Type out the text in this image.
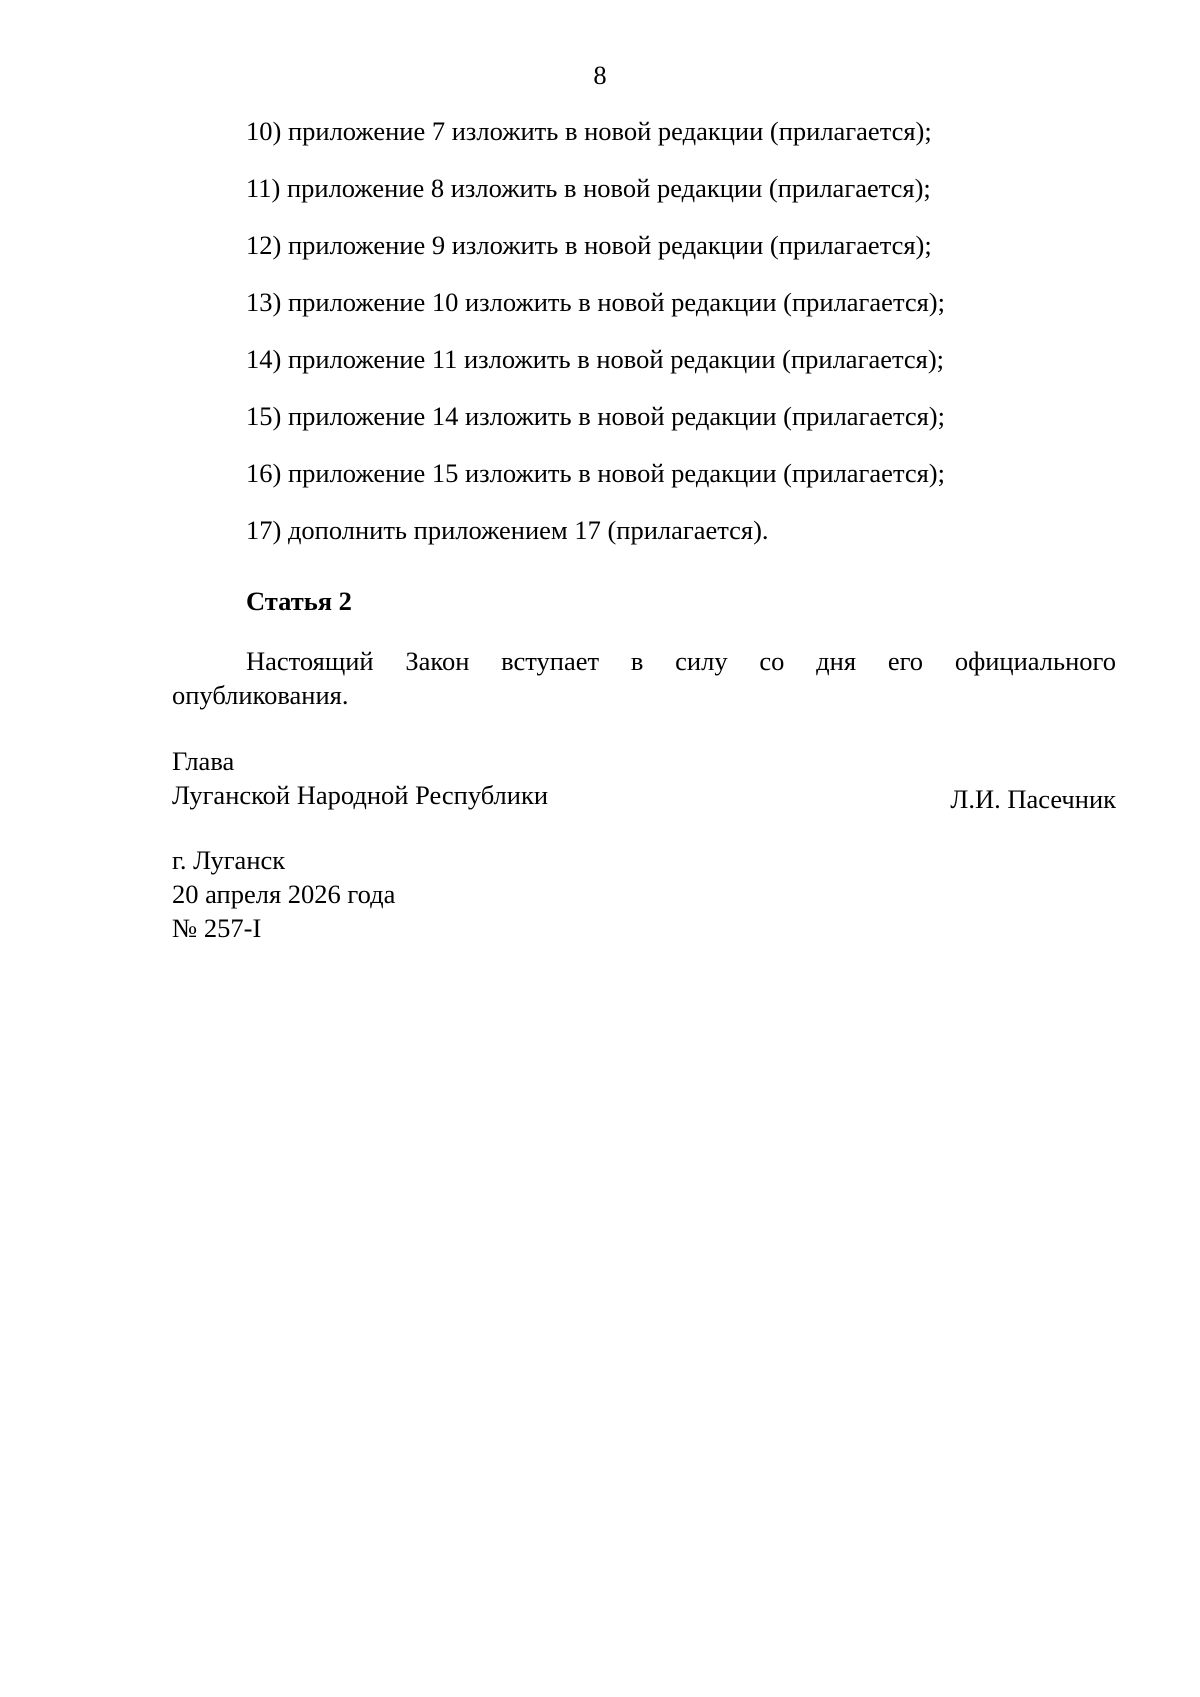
8
10) приложение 7 изложить в новой редакции (прилагается);
11) приложение 8 изложить в новой редакции (прилагается);
12) приложение 9 изложить в новой редакции (прилагается);
13) приложение 10 изложить в новой редакции (прилагается);
14) приложение 11 изложить в новой редакции (прилагается);
15) приложение 14 изложить в новой редакции (прилагается);
16) приложение 15 изложить в новой редакции (прилагается);
17) дополнить приложением 17 (прилагается).
Статья 2
Настоящий Закон вступает в силу со дня его официального
опубликования.
Глава
Луганской Народной Республики	Л.И. Пасечник
г. Луганск
20 апреля 2026 года
№ 257-I
